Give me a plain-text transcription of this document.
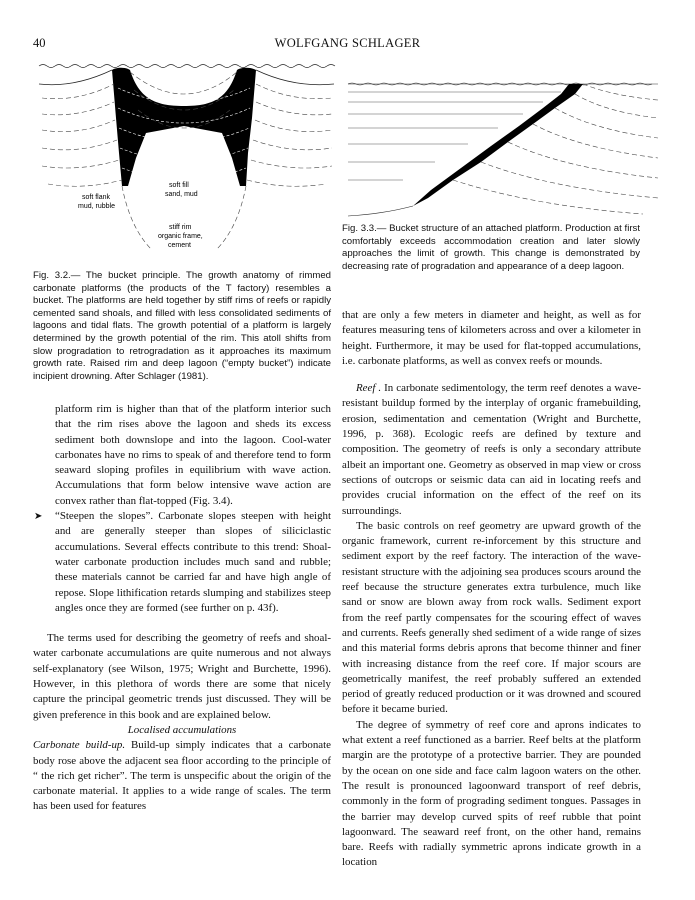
40	WOLFGANG SCHLAGER
soft fill
sand, mud
soft flank
mud, rubble
stiff rim
organic frame,
cement
Fig. 3.2.— The bucket principle. The growth anatomy of rimmed carbonate platforms (the products of the T factory) resembles a bucket. The platforms are held together by stiff rims of reefs or rapidly cemented sand shoals, and filled with less consolidated sediments of lagoons and tidal flats. The growth potential of a platform is largely determined by the growth potential of the rim. This atoll shifts from slow progradation to retrogradation as it approaches its maximum growth rate. Raised rim and deep lagoon (“empty bucket”) indicate incipient drowning. After Schlager (1981).
Fig. 3.3.— Bucket structure of an attached platform. Production at first comfortably exceeds accommodation creation and later slowly approaches the limit of growth. This change is demonstrated by decreasing rate of progradation and appearance of a deep lagoon.

platform rim is higher than that of the platform interior such that the rim rises above the lagoon and sheds its excess sediment both downslope and into the lagoon. Cool-water carbonates have no rims to speak of and therefore tend to form seaward sloping profiles in equilibrium with wave action. Accumulations that form below intensive wave action are convex rather than flat-topped (Fig. 3.4).

➤ “Steepen the slopes”. Carbonate slopes steepen with height and are generally steeper than slopes of siliciclastic accumulations. Several effects contribute to this trend: Shoal-water carbonate production includes much sand and rubble; these materials cannot be carried far and have high angle of repose. Slope lithification retards slumping and stabilizes steep angles once they are formed (see further on p. 43f).

The terms used for describing the geometry of reefs and shoal-water carbonate accumulations are quite numerous and not always self-explanatory (see Wilson, 1975; Wright and Burchette, 1996). However, in this plethora of words there are some that nicely capture the principal geometric trends just discussed. They will be given preference in this book and are explained below.

Localised accumulations

Carbonate build-up. Build-up simply indicates that a carbonate body rose above the adjacent sea floor according to the principle of “ the rich get richer”. The term is unspecific about the origin of the carbonate material. It applies to a wide range of scales. The term has been used for features

that are only a few meters in diameter and height, as well as for features measuring tens of kilometers across and over a kilometer in height. Furthermore, it may be used for flat-topped accumulations, i.e. carbonate platforms, as well as convex reefs or mounds.

Reef . In carbonate sedimentology, the term reef denotes a wave-resistant buildup formed by the interplay of organic framebuilding, erosion, sedimentation and cementation (Wright and Burchette, 1996, p. 368). Ecologic reefs are defined by texture and composition. The geometry of reefs is only a secondary attribute albeit an important one. Geometry as observed in map view or cross sections of outcrops or seismic data can aid in locating reefs and provides crucial information on the effect of the reef on its surroundings.

The basic controls on reef geometry are upward growth of the organic framework, current re-inforcement by this structure and sediment export by the reef factory. The interaction of the wave-resistant structure with the adjoining sea produces scours around the reef because the structure generates extra turbulence, much like sand or snow are blown away from rock walls. Sediment export from the reef partly compensates for the scouring effect of waves and currents. Reefs generally shed sediment of a wide range of sizes and this material forms debris aprons that become thinner and finer with increasing distance from the reef core. If major scours are geometrically manifest, the reef probably suffered an extended period of greatly reduced production or it was drowned and scoured before it became buried.

The degree of symmetry of reef core and aprons indicates to what extent a reef functioned as a barrier. Reef belts at the platform margin are the prototype of a protective barrier. They are pounded by the ocean on one side and face calm lagoon waters on the other. The result is pronounced lagoonward transport of reef debris, commonly in the form of prograding sediment tongues. Passages in the barrier may develop curved spits of reef rubble that point lagoonward. The seaward reef front, on the other hand, remains bare. Reefs with radially symmetric aprons indicate growth in a location
